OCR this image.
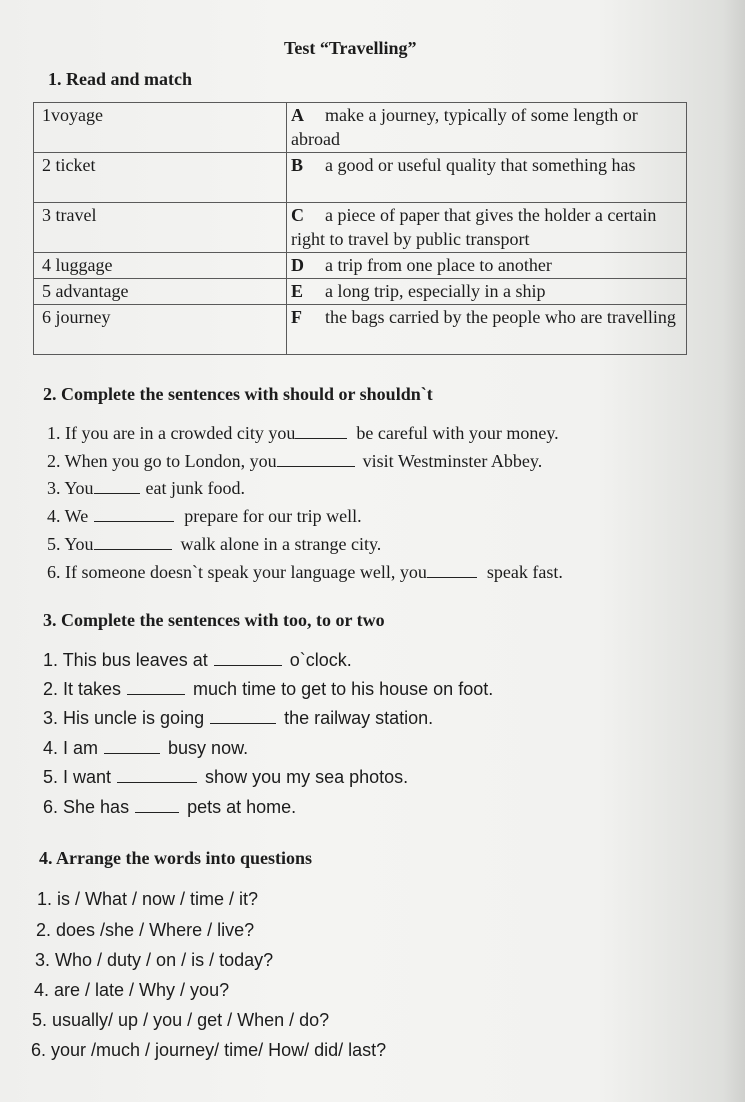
Test “Travelling”
1. Read and match
1voyage	A make a journey, typically of some length or abroad
2 ticket	B a good or useful quality that something has
3 travel	C a piece of paper that gives the holder a certain right to travel by public transport
4 luggage	D a trip from one place to another
5 advantage	E a long trip, especially in a ship
6 journey	F the bags carried by the people who are travelling
2. Complete the sentences with should or shouldn`t
1. If you are in a crowded city you	be careful with your money.
2. When you go to London, you	visit Westminster Abbey.
3. You	eat junk food.
4. We	prepare for our trip well.
5. You	walk alone in a strange city.
6. If someone doesn`t speak your language well, you	speak fast.
3. Complete the sentences with too, to or two
1. This bus leaves at	o`clock.
2. It takes	much time to get to his house on foot.
3. His uncle is going	the railway station.
4. I am	busy now.
5. I want	show you my sea photos.
6. She has	pets at home.
4. Arrange the words into questions
1. is / What / now / time / it?
2. does /she / Where / live?
3. Who / duty / on / is / today?
4. are / late / Why / you?
5. usually/ up / you / get / When / do?
6. your /much / journey/ time/ How/ did/ last?
